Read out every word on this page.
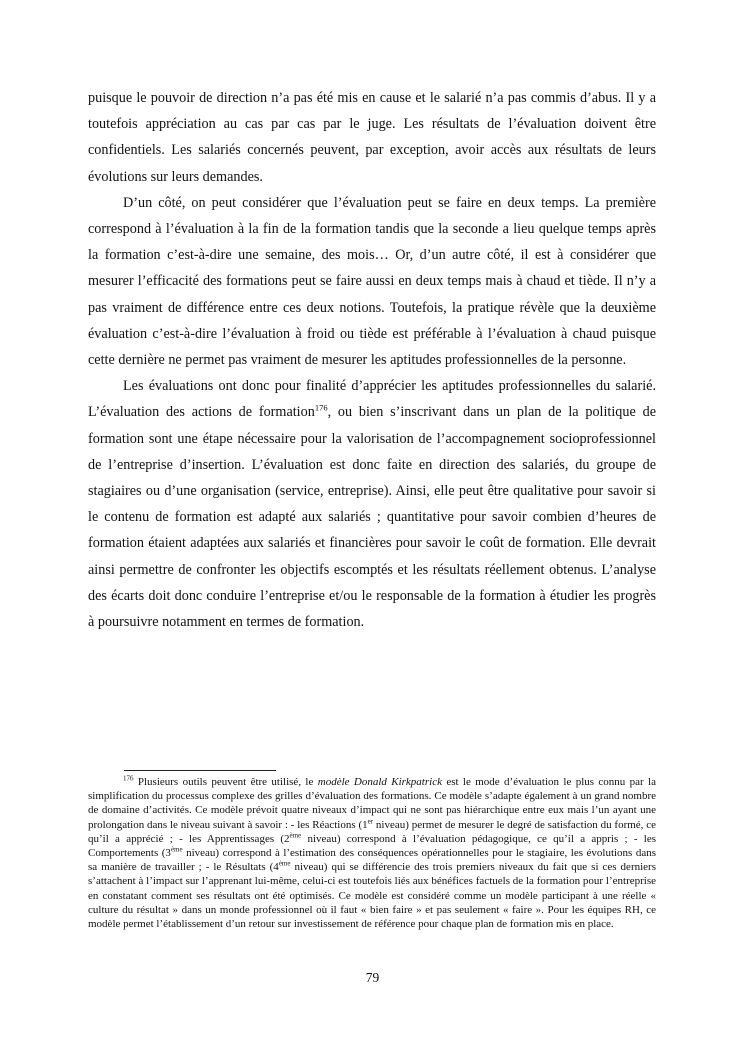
puisque le pouvoir de direction n’a pas été mis en cause et le salarié n’a pas commis d’abus. Il y a toutefois appréciation au cas par cas par le juge. Les résultats de l’évaluation doivent être confidentiels. Les salariés concernés peuvent, par exception, avoir accès aux résultats de leurs évolutions sur leurs demandes.

D’un côté, on peut considérer que l’évaluation peut se faire en deux temps. La première correspond à l’évaluation à la fin de la formation tandis que la seconde a lieu quelque temps après la formation c’est-à-dire une semaine, des mois… Or, d’un autre côté, il est à considérer que mesurer l’efficacité des formations peut se faire aussi en deux temps mais à chaud et tiède. Il n’y a pas vraiment de différence entre ces deux notions. Toutefois, la pratique révèle que la deuxième évaluation c’est-à-dire l’évaluation à froid ou tiède est préférable à l’évaluation à chaud puisque cette dernière ne permet pas vraiment de mesurer les aptitudes professionnelles de la personne.

Les évaluations ont donc pour finalité d’apprécier les aptitudes professionnelles du salarié. L’évaluation des actions de formation$^{176}$, ou bien s’inscrivant dans un plan de la politique de formation sont une étape nécessaire pour la valorisation de l’accompagnement socioprofessionnel de l’entreprise d’insertion. L’évaluation est donc faite en direction des salariés, du groupe de stagiaires ou d’une organisation (service, entreprise). Ainsi, elle peut être qualitative pour savoir si le contenu de formation est adapté aux salariés ; quantitative pour savoir combien d’heures de formation étaient adaptées aux salariés et financières pour savoir le coût de formation. Elle devrait ainsi permettre de confronter les objectifs escomptés et les résultats réellement obtenus. L’analyse des écarts doit donc conduire l’entreprise et/ou le responsable de la formation à étudier les progrès à poursuivre notamment en termes de formation.

$^{176}$ Plusieurs outils peuvent être utilisé, le modèle Donald Kirkpatrick est le mode d’évaluation le plus connu par la simplification du processus complexe des grilles d’évaluation des formations. Ce modèle s’adapte également à un grand nombre de domaine d’activités. Ce modèle prévoit quatre niveaux d’impact qui ne sont pas hiérarchique entre eux mais l’un ayant une prolongation dans le niveau suivant à savoir : - les Réactions (1er niveau) permet de mesurer le degré de satisfaction du formé, ce qu’il a apprécié ; - les Apprentissages (2ème niveau) correspond à l’évaluation pédagogique, ce qu’il a appris ; - les Comportements (3ème niveau) correspond à l’estimation des conséquences opérationnelles pour le stagiaire, les évolutions dans sa manière de travailler ; - le Résultats (4ème niveau) qui se différencie des trois premiers niveaux du fait que si ces derniers s’attachent à l’impact sur l’apprenant lui-même, celui-ci est toutefois liés aux bénéfices factuels de la formation pour l’entreprise en constatant comment ses résultats ont été optimisés. Ce modèle est considéré comme un modèle participant à une réelle « culture du résultat » dans un monde professionnel où il faut « bien faire » et pas seulement « faire ». Pour les équipes RH, ce modèle permet l’établissement d’un retour sur investissement de référence pour chaque plan de formation mis en place.

79
